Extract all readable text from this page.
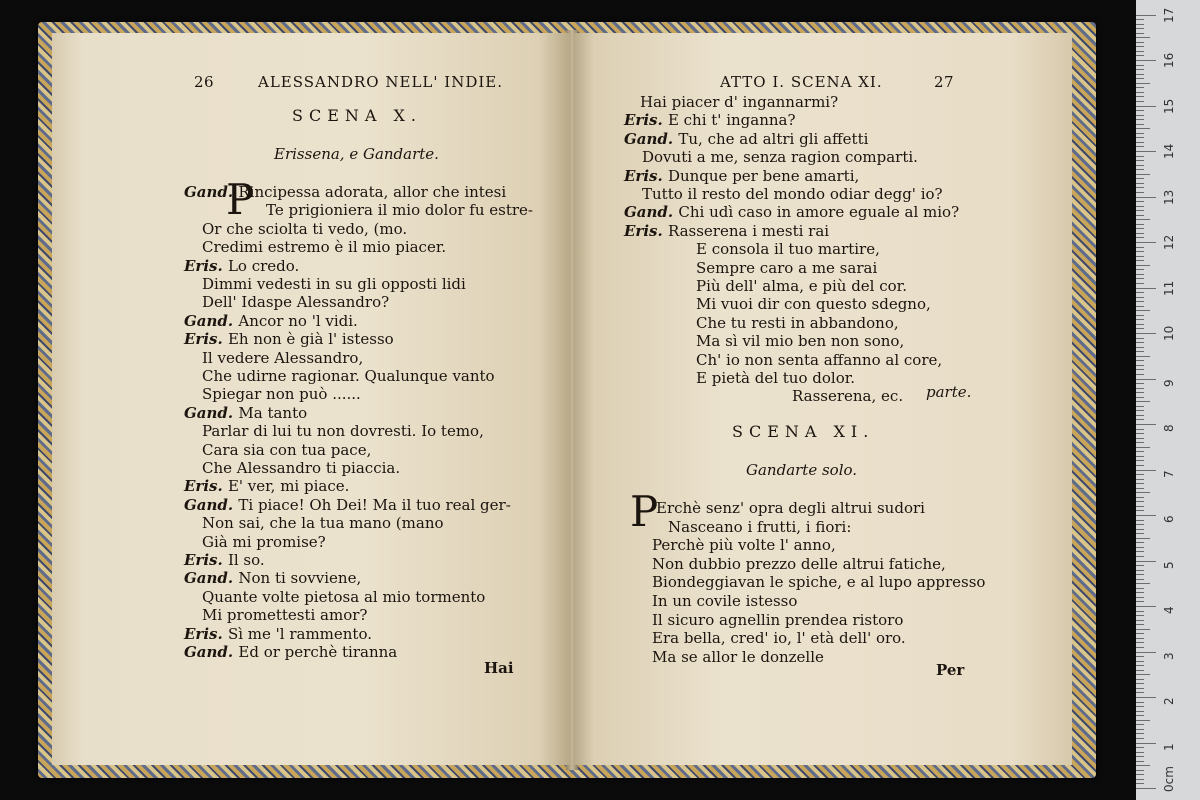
26	ALESSANDRO NELL' INDIE.
SCENA X.
Erissena, e Gandarte.
P
Gand. Rincipessa adorata, allor che intesi
Te prigioniera il mio dolor fu estre-
Or che sciolta ti vedo, (mo.
Credimi estremo è il mio piacer.
Eris. Lo credo.
Dimmi vedesti in su gli opposti lidi
Dell' Idaspe Alessandro?
Gand. Ancor no 'l vidi.
Eris. Eh non è già l' istesso
Il vedere Alessandro,
Che udirne ragionar. Qualunque vanto
Spiegar non può ......
Gand. Ma tanto
Parlar di lui tu non dovresti. Io temo,
Cara sia con tua pace,
Che Alessandro ti piaccia.
Eris. E' ver, mi piace.
Gand. Ti piace! Oh Dei! Ma il tuo real ger-
Non sai, che la tua mano (mano
Già mi promise?
Eris. Il so.
Gand. Non ti sovviene,
Quante volte pietosa al mio tormento
Mi promettesti amor?
Eris. Sì me 'l rammento.
Gand. Ed or perchè tiranna
Hai
ATTO I. SCENA XI.	27
Hai piacer d' ingannarmi?
Eris. E chi t' inganna?
Gand. Tu, che ad altri gli affetti
Dovuti a me, senza ragion comparti.
Eris. Dunque per bene amarti,
Tutto il resto del mondo odiar degg' io?
Gand. Chi udì caso in amore eguale al mio?
Eris. Rasserena i mesti rai
E consola il tuo martire,
Sempre caro a me sarai
Più dell' alma, e più del cor.
Mi vuoi dir con questo sdegno,
Che tu resti in abbandono,
Ma sì vil mio ben non sono,
Ch' io non senta affanno al core,
E pietà del tuo dolor.
Rasserena, ec. parte.
SCENA XI.
Gandarte solo.
P
Erchè senz' opra degli altrui sudori
Nasceano i frutti, i fiori:
Perchè più volte l' anno,
Non dubbio prezzo delle altrui fatiche,
Biondeggiavan le spiche, e al lupo appresso
In un covile istesso
Il sicuro agnellin prendea ristoro
Era bella, cred' io, l' età dell' oro.
Ma se allor le donzelle
Per
0cm
1
2
3
4
5
6
7
8
9
10
11
12
13
14
15
16
17
